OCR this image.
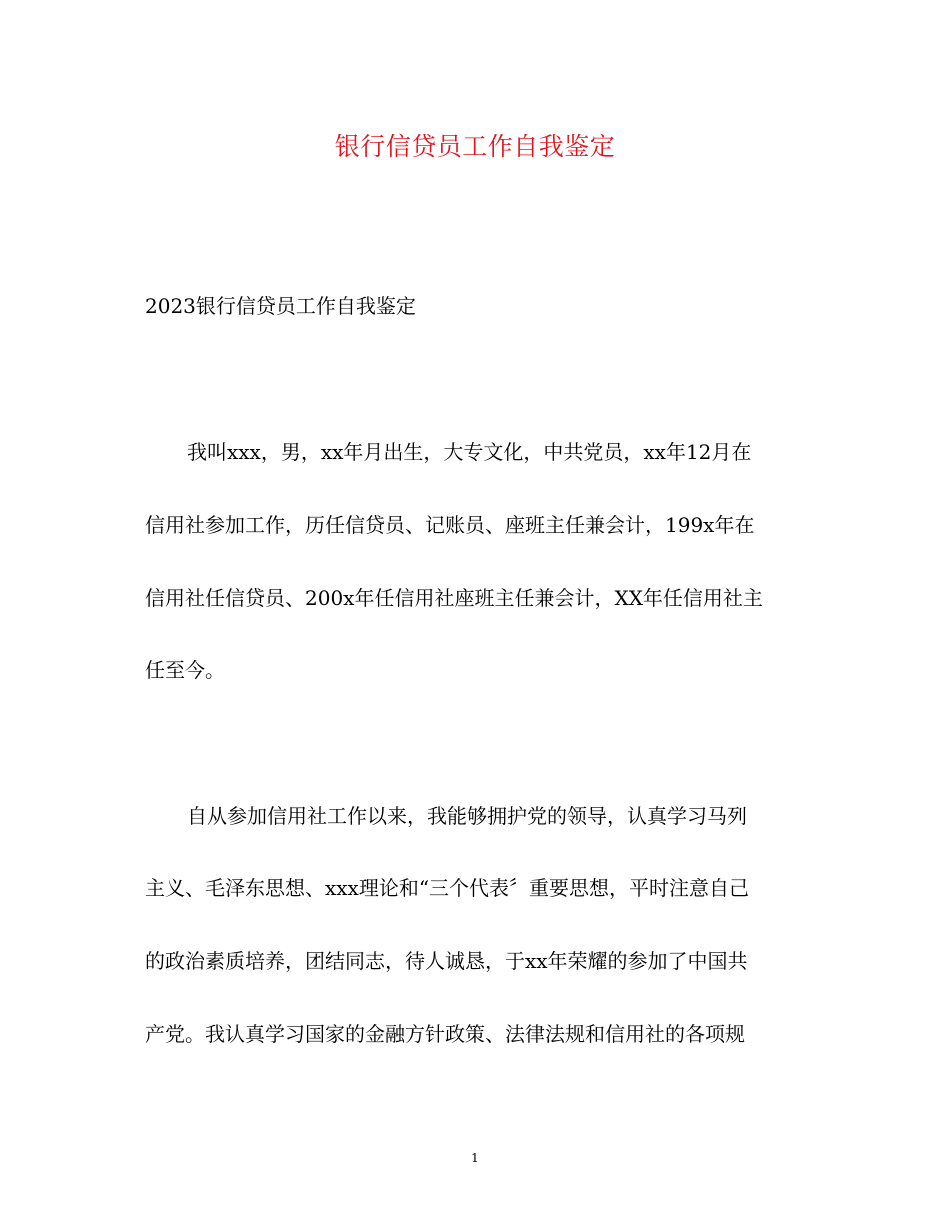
银行信贷员工作自我鉴定
2023银行信贷员工作自我鉴定
我叫xxx，男，xx年月出生，大专文化，中共党员，xx年12月在
信用社参加工作，历任信贷员、记账员、座班主任兼会计，199x年在
信用社任信贷员、200x年任信用社座班主任兼会计，XX年任信用社主
任至今。
自从参加信用社工作以来，我能够拥护党的领导，认真学习马列
主义、毛泽东思想、xxx理论和“三个代表〞重要思想，平时注意自己
的政治素质培养，团结同志，待人诚恳，于xx年荣耀的参加了中国共
产党。我认真学习国家的金融方针政策、法律法规和信用社的各项规
1
